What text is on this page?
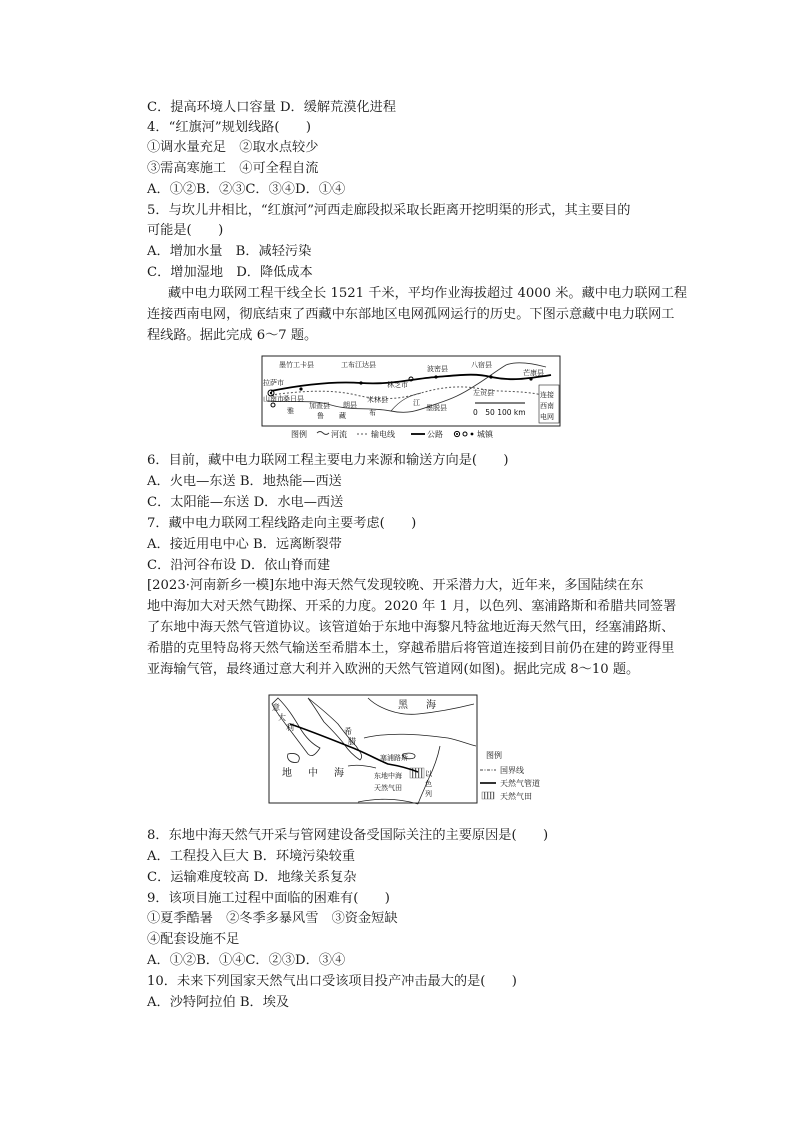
C．提高环境人口容量 D．缓解荒漠化进程
4．“红旗河”规划线路(　　)
①调水量充足　②取水点较少
③需高寒施工　④可全程自流
A．①②B．②③C．③④D．①④
5．与坎儿井相比，“红旗河”河西走廊段拟采取长距离开挖明渠的形式，其主要目的
可能是(　　)
A．增加水量　B．减轻污染
C．增加湿地　D．降低成本
藏中电力联网工程干线全长 1521 千米，平均作业海拔超过 4000 米。藏中电力联网工程
连接西南电网，彻底结束了西藏中东部地区电网孤网运行的历史。下图示意藏中电力联网工
程线路。据此完成 6～7 题。
拉萨市
山南市
墨竹工卡县	工布江达县	波密县	八宿县
芒康县
桑日县
加查县 朗县
米林县
林芝市
左贡县
墨脱县
雅
鲁 藏	布
江
连接
西南
电网
0　50 100 km
图例	河流	输电线	公路	城镇
6．目前，藏中电力联网工程主要电力来源和输送方向是(　　)
A．火电—东送 B．地热能—西送
C．太阳能—东送 D．水电—西送
7．藏中电力联网工程线路走向主要考虑(　　)
A．接近用电中心 B．远离断裂带
C．沿河谷布设 D．依山脊而建
[2023·河南新乡一模]东地中海天然气发现较晚、开采潜力大，近年来，多国陆续在东
地中海加大对天然气勘探、开采的力度。2020 年 1 月，以色列、塞浦路斯和希腊共同签署
了东地中海天然气管道协议。该管道始于东地中海黎凡特盆地近海天然气田，经塞浦路斯、
希腊的克里特岛将天然气输送至希腊本土，穿越希腊后将管道连接到目前仍在建的跨亚得里
亚海输气管，最终通过意大利并入欧洲的天然气管道网(如图)。据此完成 8～10 题。
黑 海
意
大
利	希
腊
塞浦路斯
地 中 海	东地中海
天然气田
以
色
列
图例
国界线
天然气管道
天然气田
8．东地中海天然气开采与管网建设备受国际关注的主要原因是(　　)
A．工程投入巨大 B．环境污染较重
C．运输难度较高 D．地缘关系复杂
9．该项目施工过程中面临的困难有(　　)
①夏季酷暑　②冬季多暴风雪　③资金短缺
④配套设施不足
A．①②B．①④C．②③D．③④
10．未来下列国家天然气出口受该项目投产冲击最大的是(　　)
A．沙特阿拉伯 B．埃及
